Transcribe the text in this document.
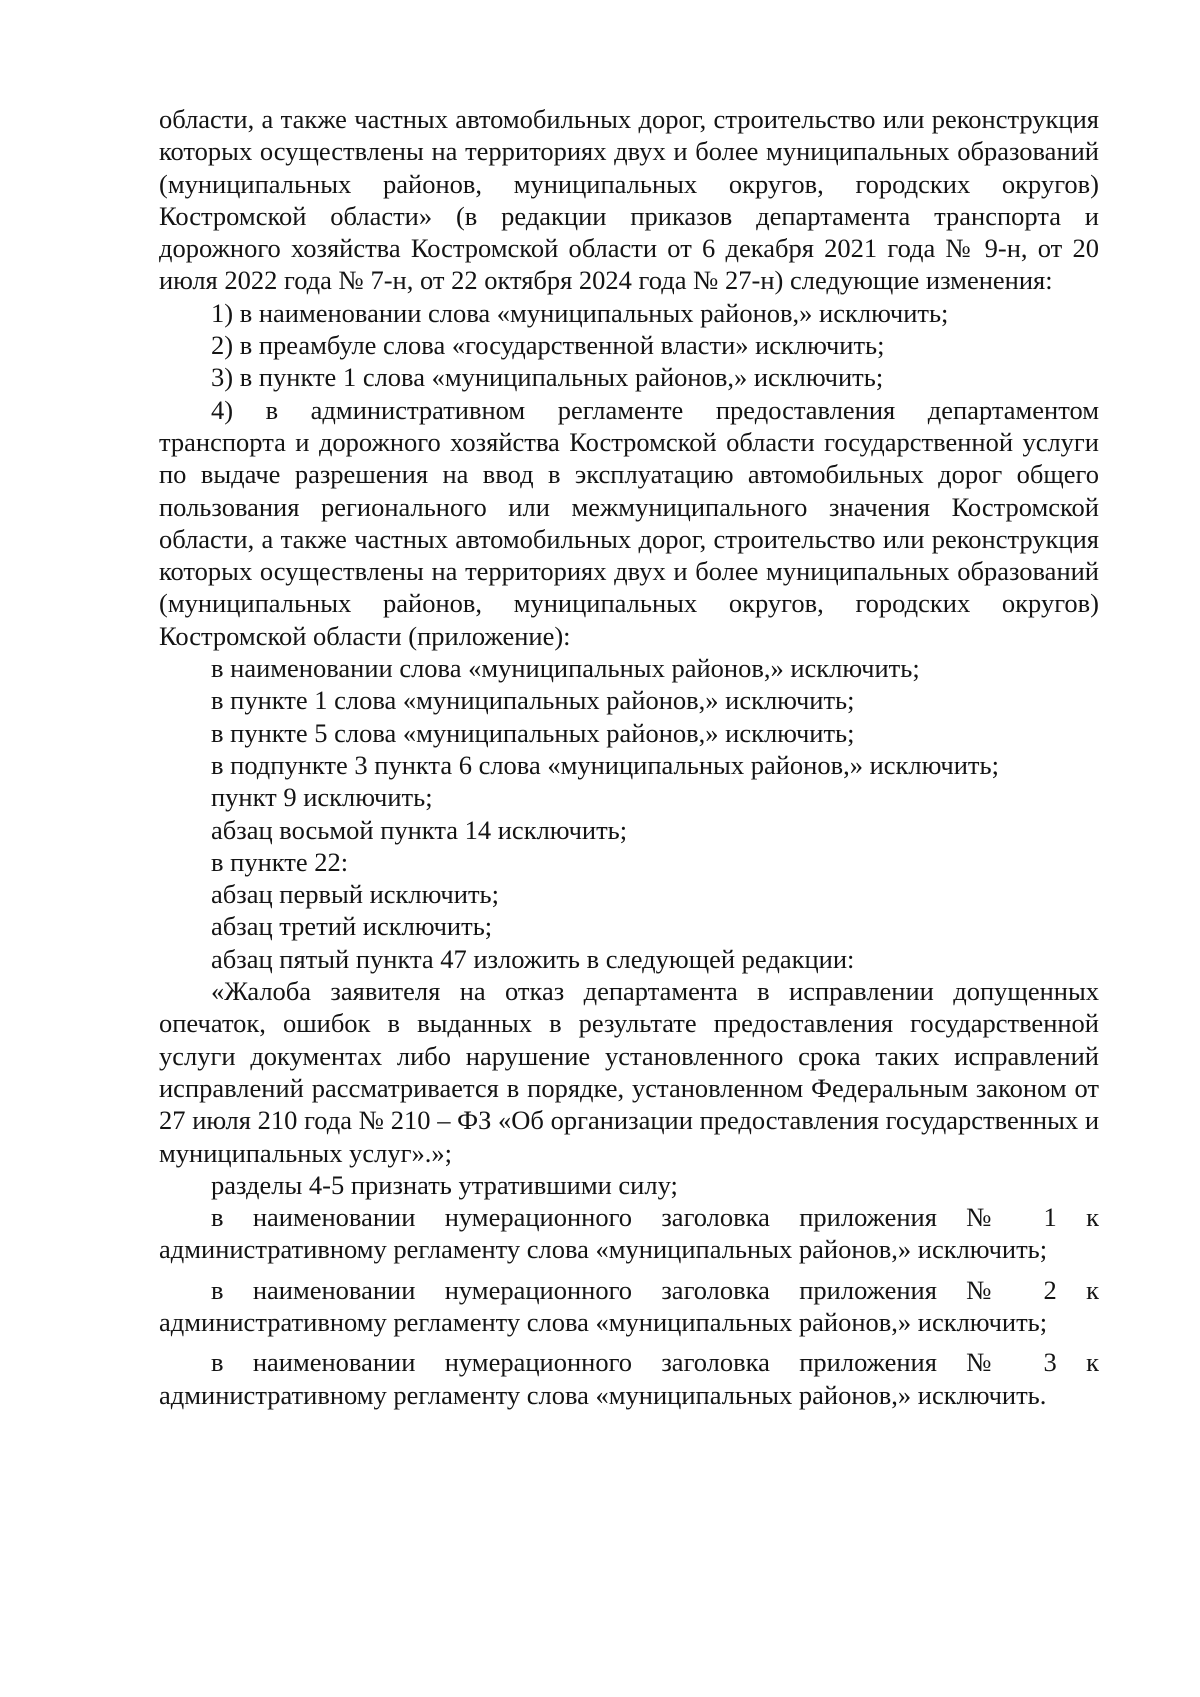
области, а также частных автомобильных дорог, строительство или реконструкция которых осуществлены на территориях двух и более муниципальных образований (муниципальных районов, муниципальных округов, городских округов) Костромской области» (в редакции приказов департамента транспорта и дорожного хозяйства Костромской области от 6 декабря 2021 года № 9-н, от 20 июля 2022 года № 7-н, от 22 октября 2024 года № 27-н) следующие изменения:

1) в наименовании слова «муниципальных районов,» исключить;

2) в преамбуле слова «государственной власти» исключить;

3) в пункте 1 слова «муниципальных районов,» исключить;

4) в административном регламенте предоставления департаментом транспорта и дорожного хозяйства Костромской области государственной услуги по выдаче разрешения на ввод в эксплуатацию автомобильных дорог общего пользования регионального или межмуниципального значения Костромской области, а также частных автомобильных дорог, строительство или реконструкция которых осуществлены на территориях двух и более муниципальных образований (муниципальных районов, муниципальных округов, городских округов) Костромской области (приложение):

в наименовании слова «муниципальных районов,» исключить;

в пункте 1 слова «муниципальных районов,» исключить;

в пункте 5 слова «муниципальных районов,» исключить;

в подпункте 3 пункта 6 слова «муниципальных районов,» исключить;

пункт 9 исключить;

абзац восьмой пункта 14 исключить;

в пункте 22:

абзац первый исключить;

абзац третий исключить;

абзац пятый пункта 47 изложить в следующей редакции:

«Жалоба заявителя на отказ департамента в исправлении допущенных опечаток, ошибок в выданных в результате предоставления государственной услуги документах либо нарушение установленного срока таких исправлений исправлений рассматривается в порядке, установленном Федеральным законом от 27 июля 210 года № 210 – ФЗ «Об организации предоставления государственных и муниципальных услуг».»;

разделы 4-5 признать утратившими силу;

в наименовании нумерационного заголовка приложения № 1 к административному регламенту слова «муниципальных районов,» исключить;

в наименовании нумерационного заголовка приложения № 2 к административному регламенту слова «муниципальных районов,» исключить;

в наименовании нумерационного заголовка приложения № 3 к административному регламенту слова «муниципальных районов,» исключить.
